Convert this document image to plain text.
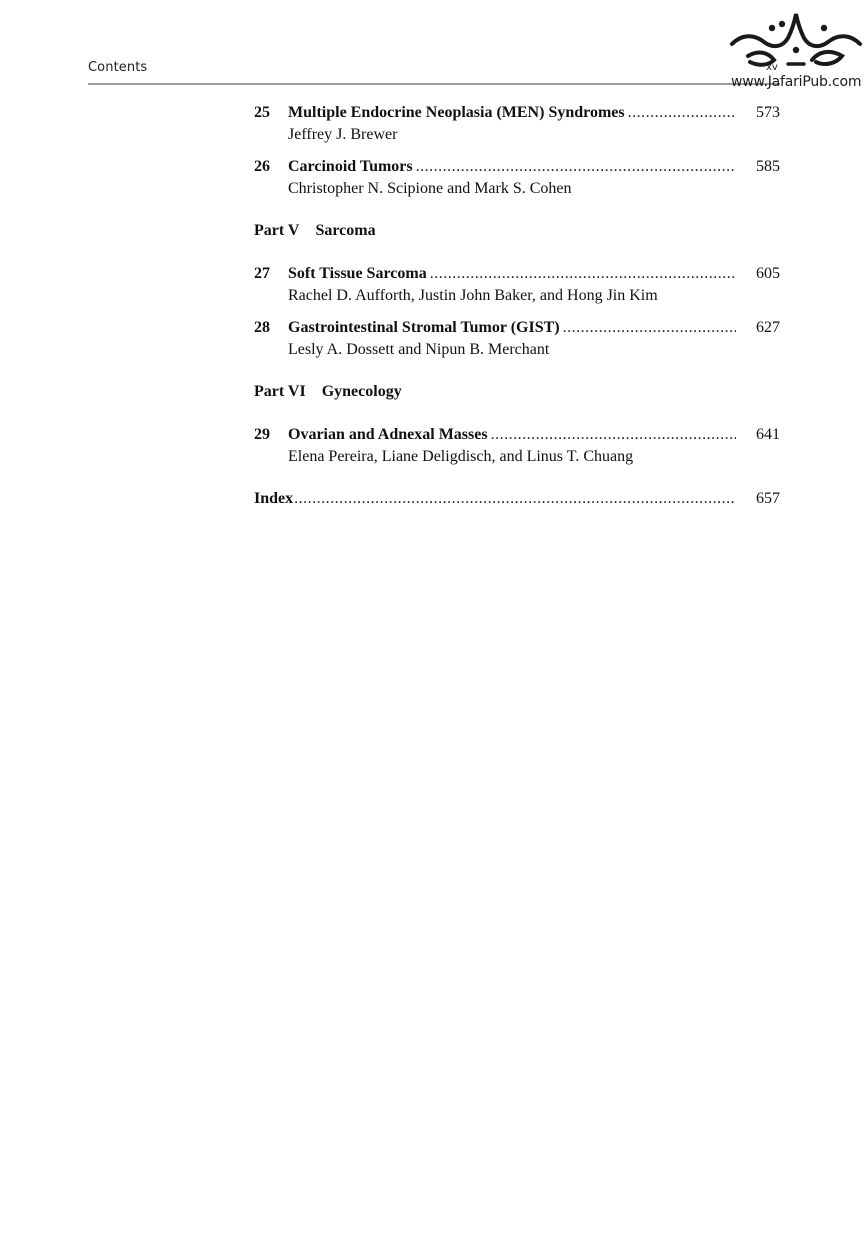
Contents	xv
www.JafariPub.com
25	Multiple Endocrine Neoplasia (MEN) Syndromes .....	573
Jeffrey J. Brewer
26	Carcinoid Tumors .....	585
Christopher N. Scipione and Mark S. Cohen
Part V Sarcoma
27	Soft Tissue Sarcoma .....	605
Rachel D. Aufforth, Justin John Baker, and Hong Jin Kim
28	Gastrointestinal Stromal Tumor (GIST) .....	627
Lesly A. Dossett and Nipun B. Merchant
Part VI Gynecology
29	Ovarian and Adnexal Masses .....	641
Elena Pereira, Liane Deligdisch, and Linus T. Chuang
Index .....	657
